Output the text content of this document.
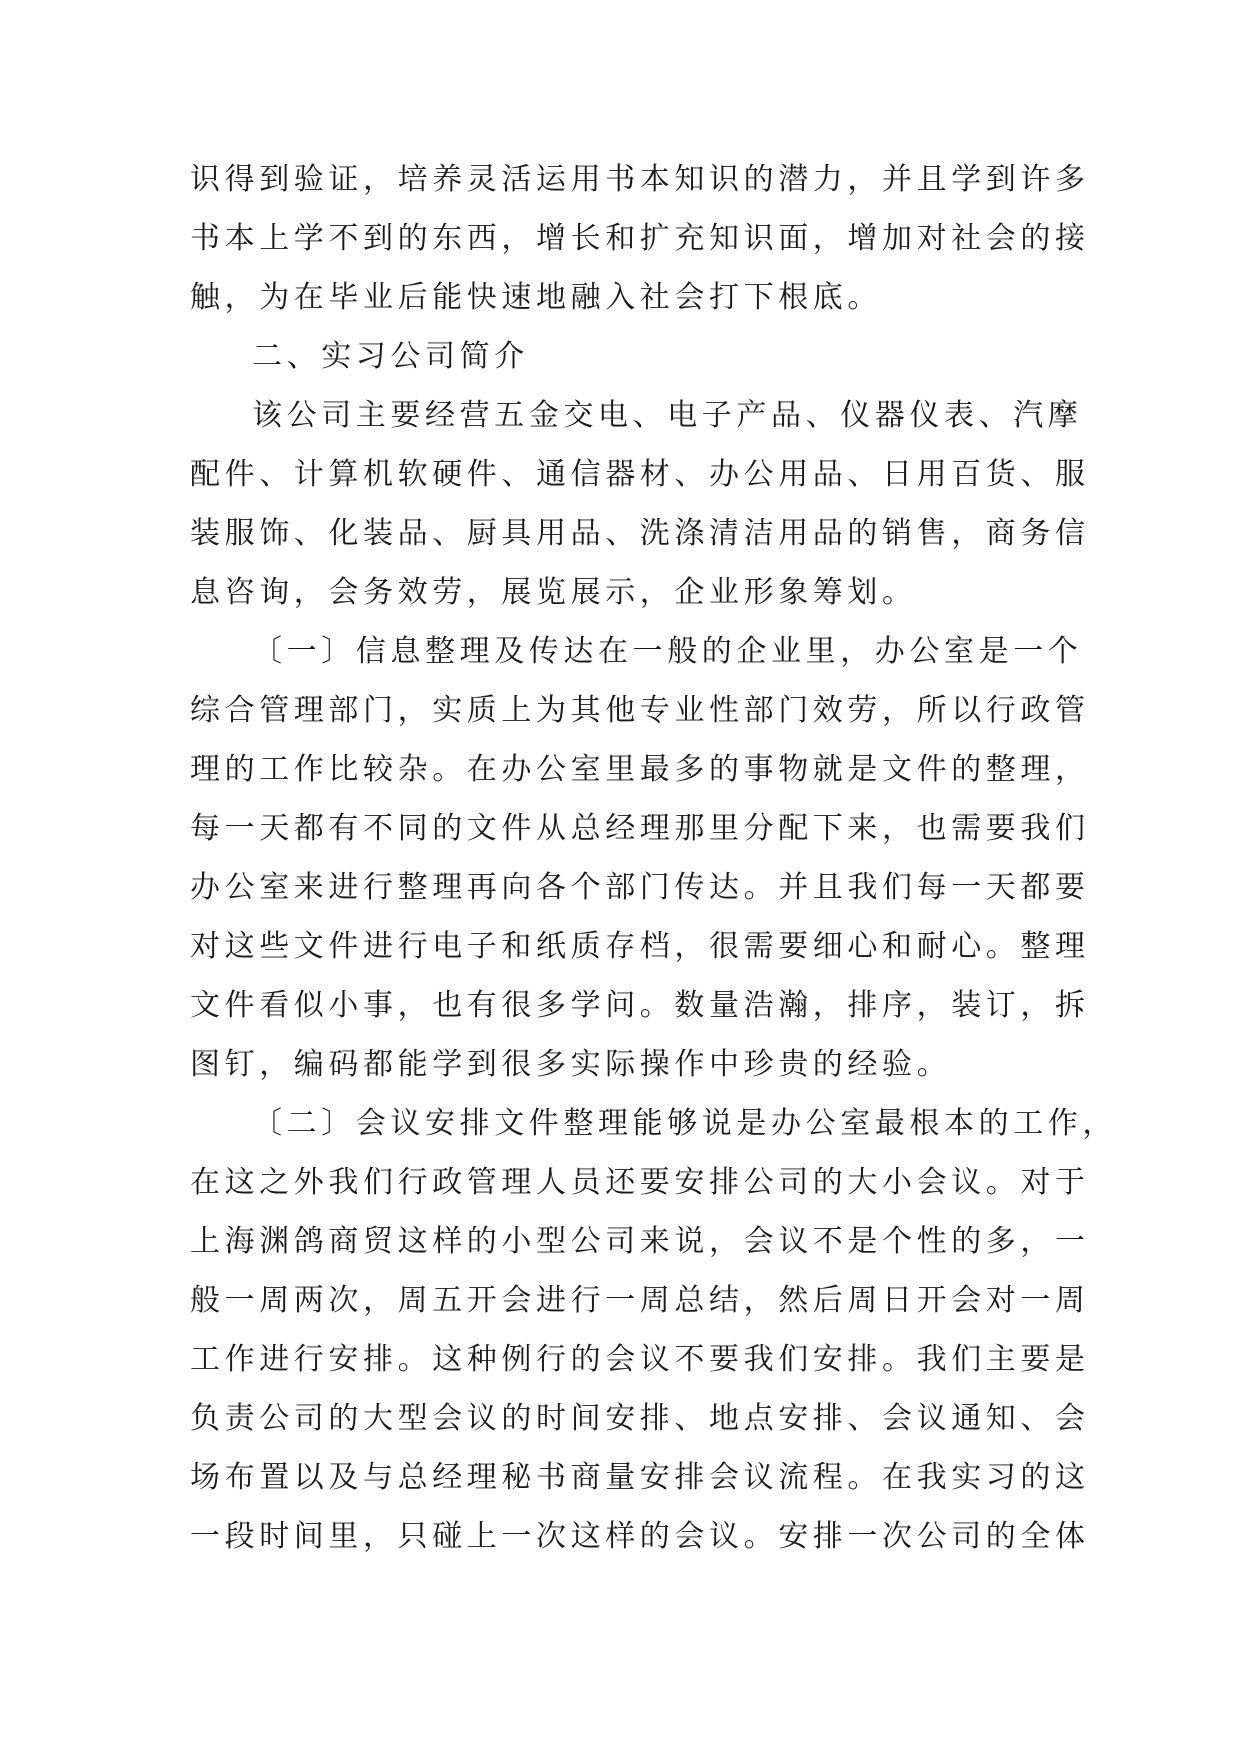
识得到验证，培养灵活运用书本知识的潜力，并且学到许多
书本上学不到的东西，增长和扩充知识面，增加对社会的接
触，为在毕业后能快速地融入社会打下根底。
二、实习公司简介
该公司主要经营五金交电、电子产品、仪器仪表、汽摩
配件、计算机软硬件、通信器材、办公用品、日用百货、服
装服饰、化装品、厨具用品、洗涤清洁用品的销售，商务信
息咨询，会务效劳，展览展示，企业形象筹划。
〔一〕信息整理及传达在一般的企业里，办公室是一个
综合管理部门，实质上为其他专业性部门效劳，所以行政管
理的工作比较杂。在办公室里最多的事物就是文件的整理，
每一天都有不同的文件从总经理那里分配下来，也需要我们
办公室来进行整理再向各个部门传达。并且我们每一天都要
对这些文件进行电子和纸质存档，很需要细心和耐心。整理
文件看似小事，也有很多学问。数量浩瀚，排序，装订，拆
图钉，编码都能学到很多实际操作中珍贵的经验。
〔二〕会议安排文件整理能够说是办公室最根本的工作，
在这之外我们行政管理人员还要安排公司的大小会议。对于
上海渊鸽商贸这样的小型公司来说，会议不是个性的多，一
般一周两次，周五开会进行一周总结，然后周日开会对一周
工作进行安排。这种例行的会议不要我们安排。我们主要是
负责公司的大型会议的时间安排、地点安排、会议通知、会
场布置以及与总经理秘书商量安排会议流程。在我实习的这
一段时间里，只碰上一次这样的会议。安排一次公司的全体
